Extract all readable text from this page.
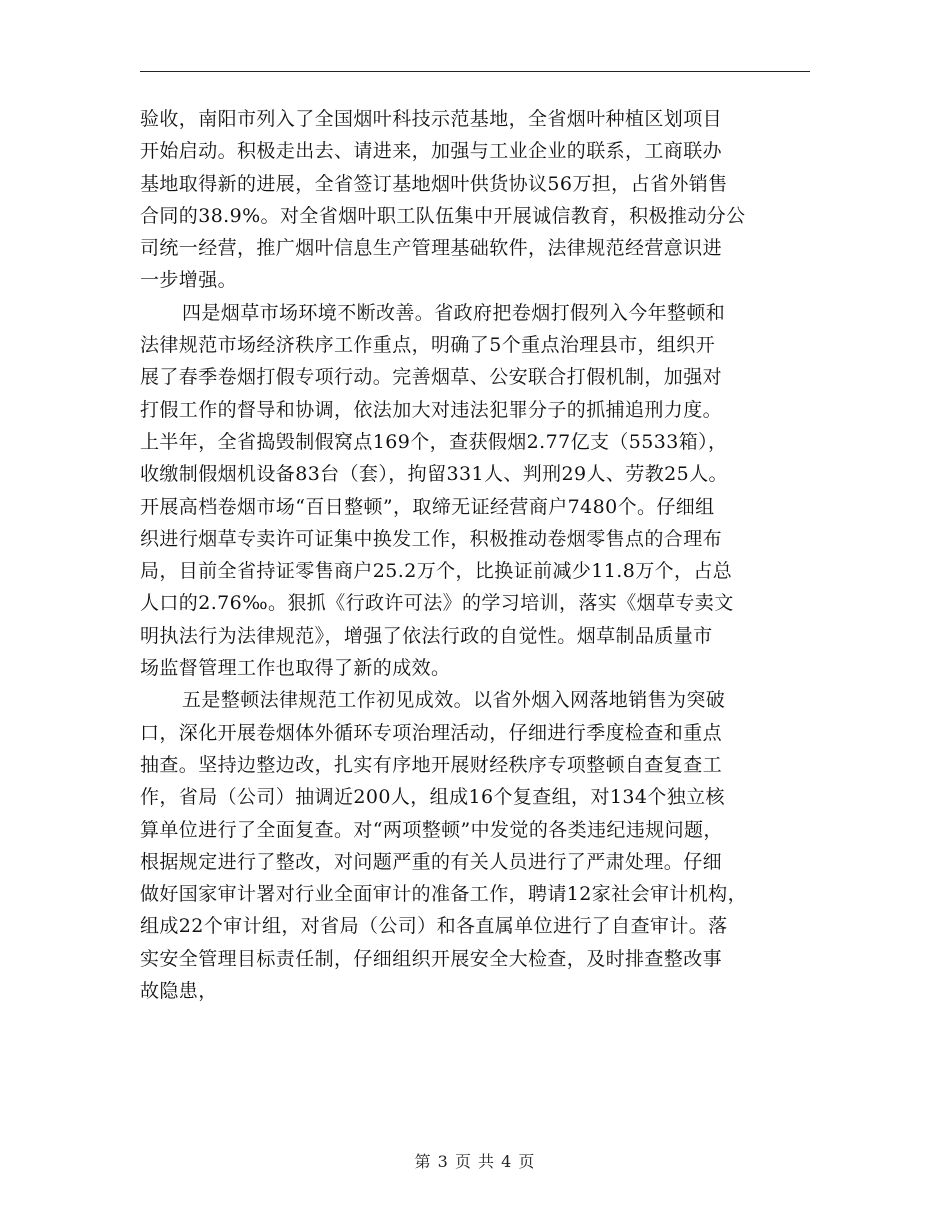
验收，南阳市列入了全国烟叶科技示范基地，全省烟叶种植区划项目
开始启动。积极走出去、请进来，加强与工业企业的联系，工商联办
基地取得新的进展，全省签订基地烟叶供货协议56万担，占省外销售
合同的38.9%。对全省烟叶职工队伍集中开展诚信教育，积极推动分公
司统一经营，推广烟叶信息生产管理基础软件，法律规范经营意识进
一步增强。
四是烟草市场环境不断改善。省政府把卷烟打假列入今年整顿和
法律规范市场经济秩序工作重点，明确了5个重点治理县市，组织开
展了春季卷烟打假专项行动。完善烟草、公安联合打假机制，加强对
打假工作的督导和协调，依法加大对违法犯罪分子的抓捕追刑力度。
上半年，全省捣毁制假窝点169个，查获假烟2.77亿支（5533箱），
收缴制假烟机设备83台（套），拘留331人、判刑29人、劳教25人。
开展高档卷烟市场“百日整顿”，取缔无证经营商户7480个。仔细组
织进行烟草专卖许可证集中换发工作，积极推动卷烟零售点的合理布
局，目前全省持证零售商户25.2万个，比换证前减少11.8万个，占总
人口的2.76‰。狠抓《行政许可法》的学习培训，落实《烟草专卖文
明执法行为法律规范》，增强了依法行政的自觉性。烟草制品质量市
场监督管理工作也取得了新的成效。
五是整顿法律规范工作初见成效。以省外烟入网落地销售为突破
口，深化开展卷烟体外循环专项治理活动，仔细进行季度检查和重点
抽查。坚持边整边改，扎实有序地开展财经秩序专项整顿自查复查工
作，省局（公司）抽调近200人，组成16个复查组，对134个独立核
算单位进行了全面复查。对“两项整顿”中发觉的各类违纪违规问题，
根据规定进行了整改，对问题严重的有关人员进行了严肃处理。仔细
做好国家审计署对行业全面审计的准备工作，聘请12家社会审计机构，
组成22个审计组，对省局（公司）和各直属单位进行了自查审计。落
实安全管理目标责任制，仔细组织开展安全大检查，及时排查整改事
故隐患，
第 3 页 共 4 页
